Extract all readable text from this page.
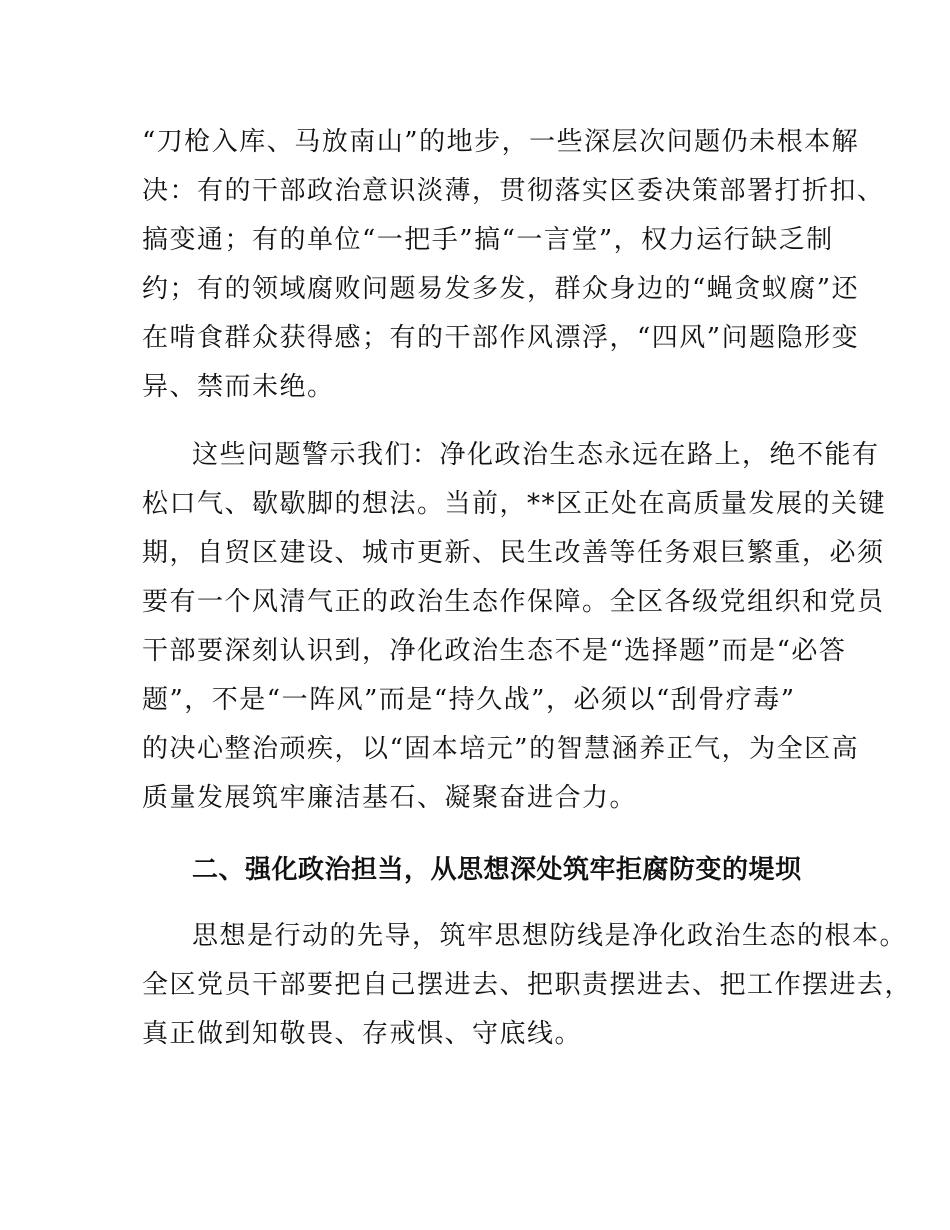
“刀枪入库、马放南山”的地步，一些深层次问题仍未根本解
决：有的干部政治意识淡薄，贯彻落实区委决策部署打折扣、
搞变通；有的单位“一把手”搞“一言堂”，权力运行缺乏制
约；有的领域腐败问题易发多发，群众身边的“蝇贪蚁腐”还
在啃食群众获得感；有的干部作风漂浮，“四风”问题隐形变
异、禁而未绝。
这些问题警示我们：净化政治生态永远在路上，绝不能有
松口气、歇歇脚的想法。当前，**区正处在高质量发展的关键
期，自贸区建设、城市更新、民生改善等任务艰巨繁重，必须
要有一个风清气正的政治生态作保障。全区各级党组织和党员
干部要深刻认识到，净化政治生态不是“选择题”而是“必答
题”，不是“一阵风”而是“持久战”，必须以“刮骨疗毒”
的决心整治顽疾，以“固本培元”的智慧涵养正气，为全区高
质量发展筑牢廉洁基石、凝聚奋进合力。
二、强化政治担当，从思想深处筑牢拒腐防变的堤坝
思想是行动的先导，筑牢思想防线是净化政治生态的根本。
全区党员干部要把自己摆进去、把职责摆进去、把工作摆进去，
真正做到知敬畏、存戒惧、守底线。
